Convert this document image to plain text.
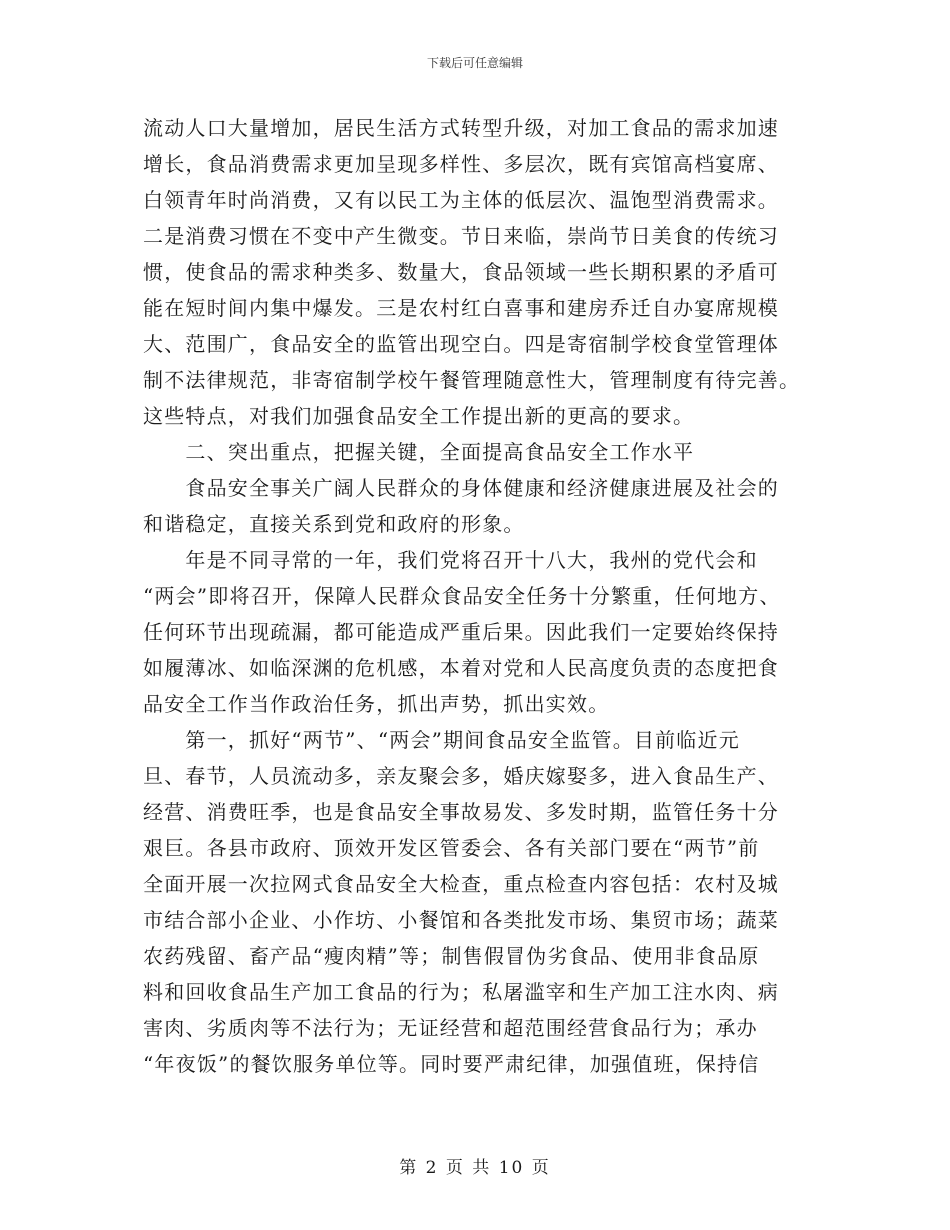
下载后可任意编辑
流动人口大量增加，居民生活方式转型升级，对加工食品的需求加速
增长，食品消费需求更加呈现多样性、多层次，既有宾馆高档宴席、
白领青年时尚消费，又有以民工为主体的低层次、温饱型消费需求。
二是消费习惯在不变中产生微变。节日来临，崇尚节日美食的传统习
惯，使食品的需求种类多、数量大，食品领域一些长期积累的矛盾可
能在短时间内集中爆发。三是农村红白喜事和建房乔迁自办宴席规模
大、范围广，食品安全的监管出现空白。四是寄宿制学校食堂管理体
制不法律规范，非寄宿制学校午餐管理随意性大，管理制度有待完善。
这些特点，对我们加强食品安全工作提出新的更高的要求。
　　二、突出重点，把握关键，全面提高食品安全工作水平
　　食品安全事关广阔人民群众的身体健康和经济健康进展及社会的
和谐稳定，直接关系到党和政府的形象。
　　年是不同寻常的一年，我们党将召开十八大，我州的党代会和
“两会”即将召开，保障人民群众食品安全任务十分繁重，任何地方、
任何环节出现疏漏，都可能造成严重后果。因此我们一定要始终保持
如履薄冰、如临深渊的危机感，本着对党和人民高度负责的态度把食
品安全工作当作政治任务，抓出声势，抓出实效。
　　第一，抓好“两节”、“两会”期间食品安全监管。目前临近元
旦、春节，人员流动多，亲友聚会多，婚庆嫁娶多，进入食品生产、
经营、消费旺季，也是食品安全事故易发、多发时期，监管任务十分
艰巨。各县市政府、顶效开发区管委会、各有关部门要在“两节”前
全面开展一次拉网式食品安全大检查，重点检查内容包括：农村及城
市结合部小企业、小作坊、小餐馆和各类批发市场、集贸市场；蔬菜
农药残留、畜产品“瘦肉精”等；制售假冒伪劣食品、使用非食品原
料和回收食品生产加工食品的行为；私屠滥宰和生产加工注水肉、病
害肉、劣质肉等不法行为；无证经营和超范围经营食品行为；承办
“年夜饭”的餐饮服务单位等。同时要严肃纪律，加强值班，保持信
第 2 页 共 10 页
